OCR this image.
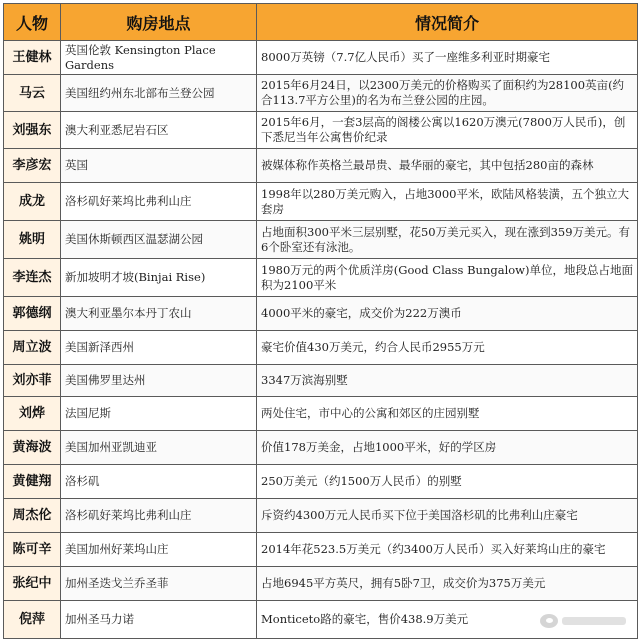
人物	购房地点	情况简介
王健林	英国伦敦 Kensington Place Gardens	8000万英镑（7.7亿人民币）买了一座维多利亚时期豪宅
马云	美国纽约州东北部布兰登公园	2015年6月24日，以2300万美元的价格购买了面积约为28100英亩(约合113.7平方公里)的名为布兰登公园的庄园。
刘强东	澳大利亚悉尼岩石区	2015年6月，一套3层高的阁楼公寓以1620万澳元(7800万人民币)，创下悉尼当年公寓售价纪录
李彦宏	英国	被媒体称作英格兰最昂贵、最华丽的豪宅，其中包括280亩的森林
成龙	洛杉矶好莱坞比弗利山庄	1998年以280万美元购入，占地3000平米，欧陆风格装潢，五个独立大套房
姚明	美国休斯顿西区温瑟湖公园	占地面积300平米三层别墅，花50万美元买入，现在涨到359万美元。有6个卧室还有泳池。
李连杰	新加坡明才坡(Binjai Rise)	1980万元的两个优质洋房(Good Class Bungalow)单位，地段总占地面积为2100平米
郭德纲	澳大利亚墨尔本丹丁农山	4000平米的豪宅，成交价为222万澳币
周立波	美国新泽西州	豪宅价值430万美元，约合人民币2955万元
刘亦菲	美国佛罗里达州	3347万滨海别墅
刘烨	法国尼斯	两处住宅，市中心的公寓和郊区的庄园别墅
黄海波	美国加州亚凯迪亚	价值178万美金，占地1000平米，好的学区房
黄健翔	洛杉矶	250万美元（约1500万人民币）的别墅
周杰伦	洛杉矶好莱坞比弗利山庄	斥资约4300万元人民币买下位于美国洛杉矶的比弗利山庄豪宅
陈可辛	美国加州好莱坞山庄	2014年花523.5万美元（约3400万人民币）买入好莱坞山庄的豪宅
张纪中	加州圣迭戈兰乔圣菲	占地6945平方英尺，拥有5卧7卫，成交价为375万美元
倪萍	加州圣马力诺	Monticeto路的豪宅，售价438.9万美元
